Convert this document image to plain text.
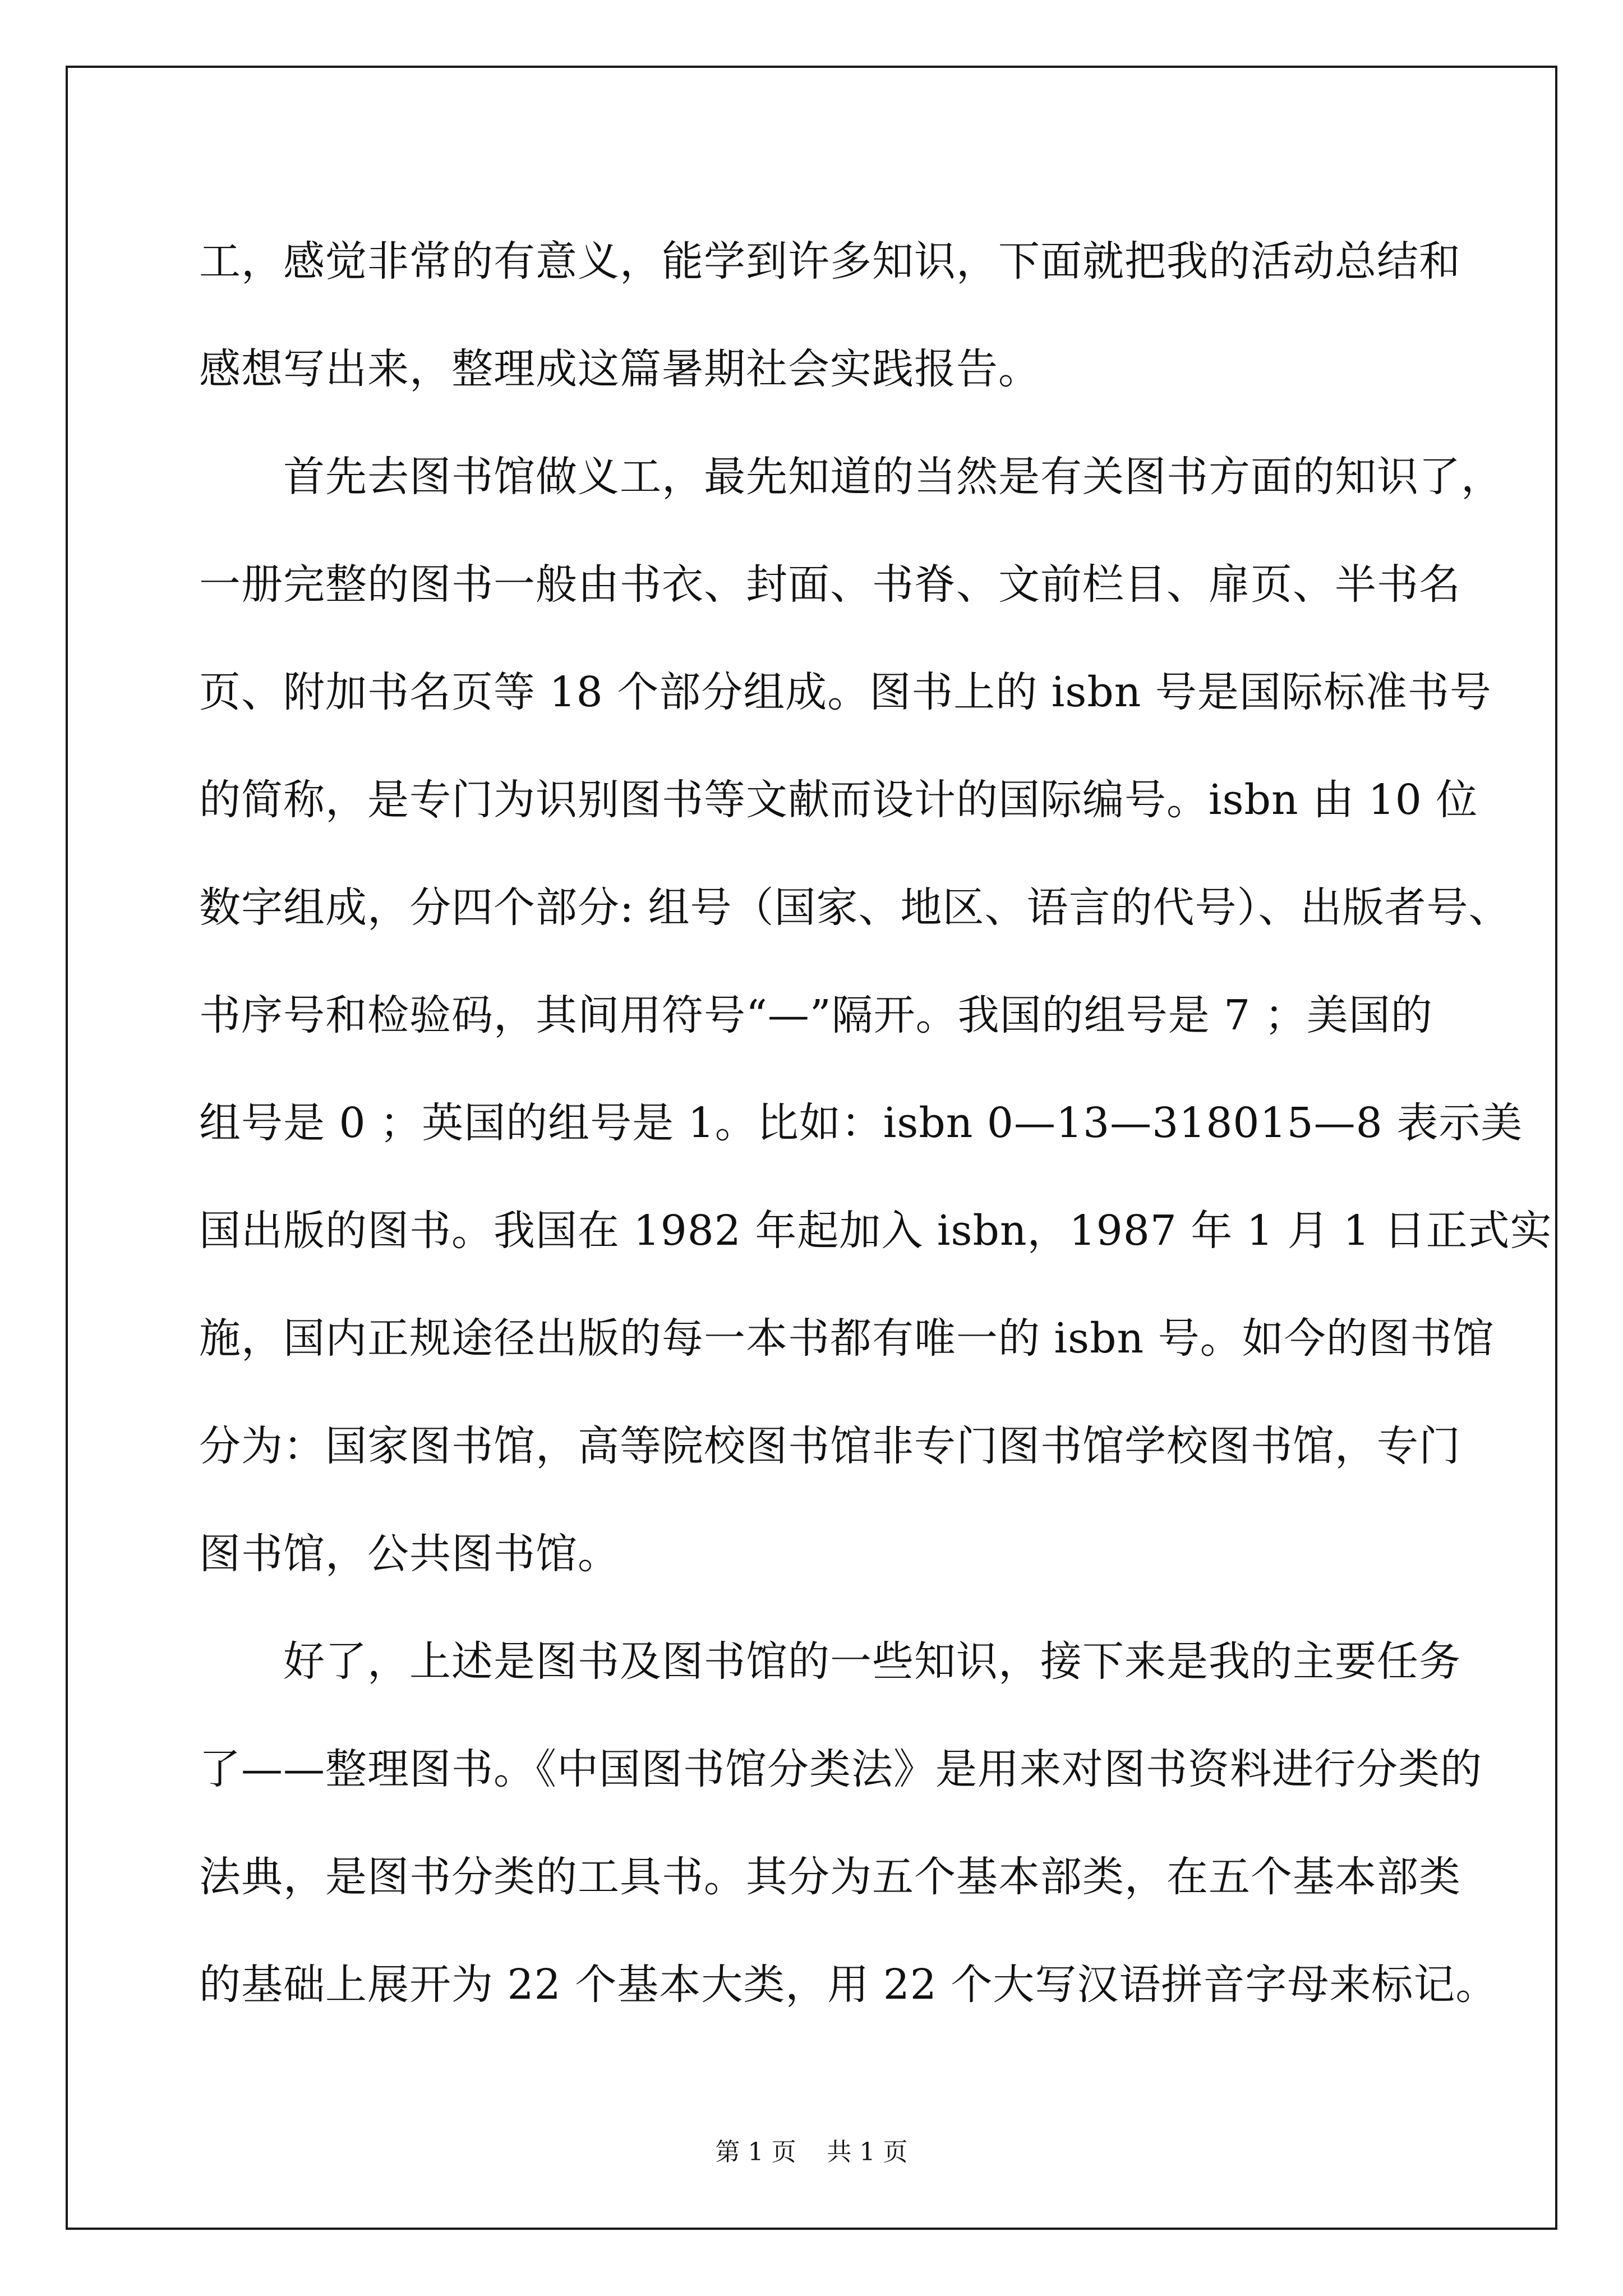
工，感觉非常的有意义，能学到许多知识，下面就把我的活动总结和
感想写出来，整理成这篇暑期社会实践报告。
　　首先去图书馆做义工，最先知道的当然是有关图书方面的知识了，
一册完整的图书一般由书衣、封面、书脊、文前栏目、扉页、半书名
页、附加书名页等 18 个部分组成。图书上的 isbn 号是国际标准书号
的简称，是专门为识别图书等文献而设计的国际编号。isbn 由 10 位
数字组成，分四个部分: 组号（国家、地区、语言的代号）、出版者号、
书序号和检验码，其间用符号“—”隔开。我国的组号是 7 ；美国的
组号是 0 ；英国的组号是 1。比如：isbn 0—13—318015—8 表示美
国出版的图书。我国在 1982 年起加入 isbn，1987 年 1 月 1 日正式实
施，国内正规途径出版的每一本书都有唯一的 isbn 号。如今的图书馆
分为：国家图书馆，高等院校图书馆非专门图书馆学校图书馆，专门
图书馆，公共图书馆。
　　好了，上述是图书及图书馆的一些知识，接下来是我的主要任务
了——整理图书。《中国图书馆分类法》是用来对图书资料进行分类的
法典，是图书分类的工具书。其分为五个基本部类，在五个基本部类
的基础上展开为 22 个基本大类，用 22 个大写汉语拼音字母来标记。
第 1 页 共 1 页
